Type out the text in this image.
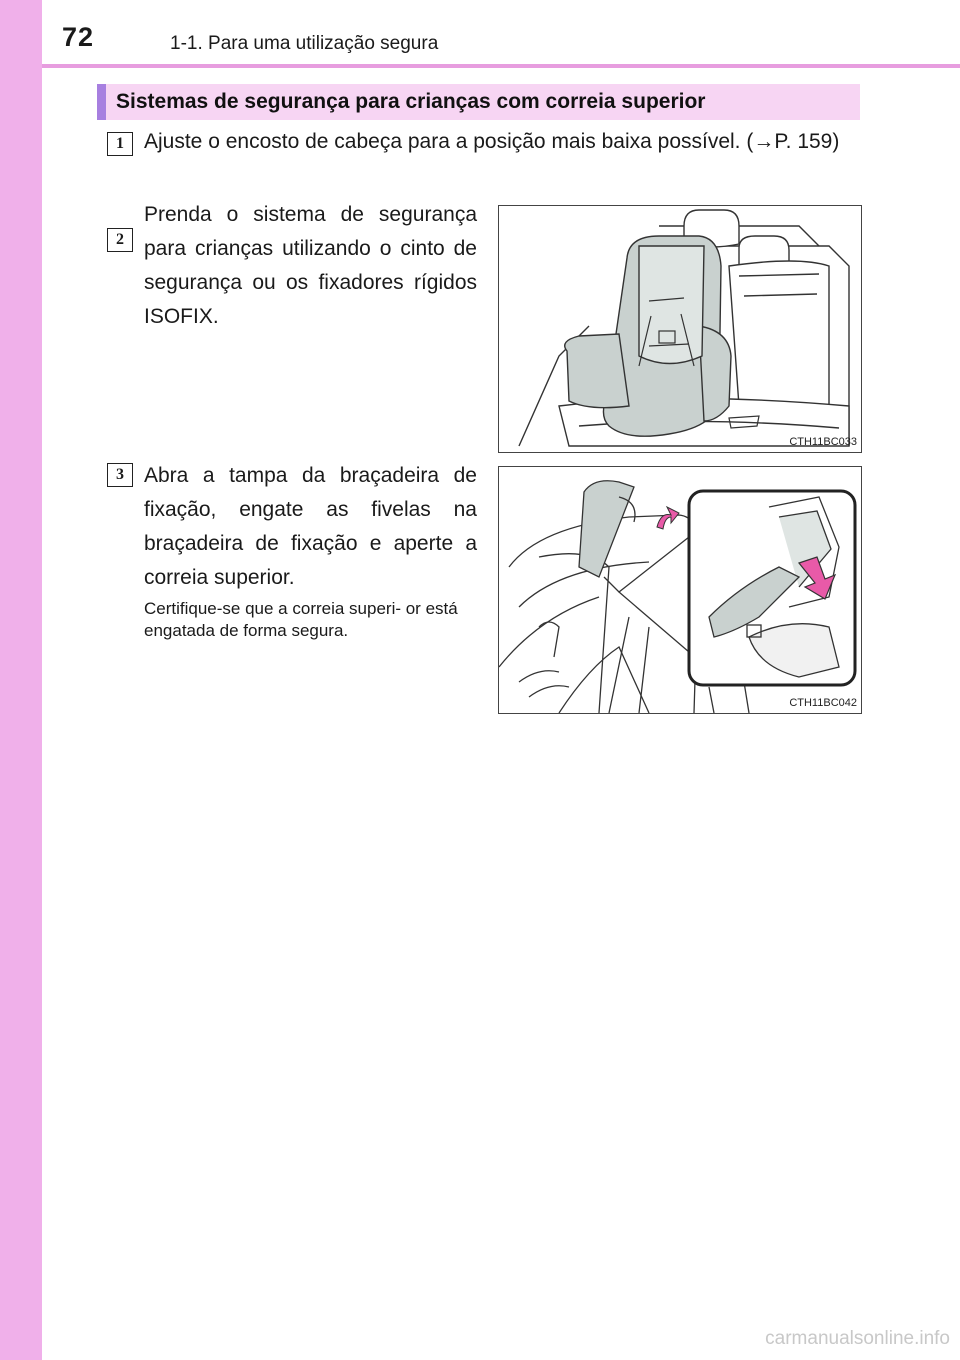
72	1-1. Para uma utilização segura
Sistemas de segurança para crianças com correia superior
1 Ajuste o encosto de cabeça para a posição mais baixa possível. (→P. 159)
2
Prenda o sistema de segurança para crianças utilizando o cinto de segurança ou os fixadores rígidos ISOFIX.
CTH11BC033
3 Abra a tampa da braçadeira de fixação, engate as fivelas na braçadeira de fixação e aperte a correia superior.
Certifique-se que a correia superi- or está engatada de forma segura.
CTH11BC042
carmanualsonline.info
